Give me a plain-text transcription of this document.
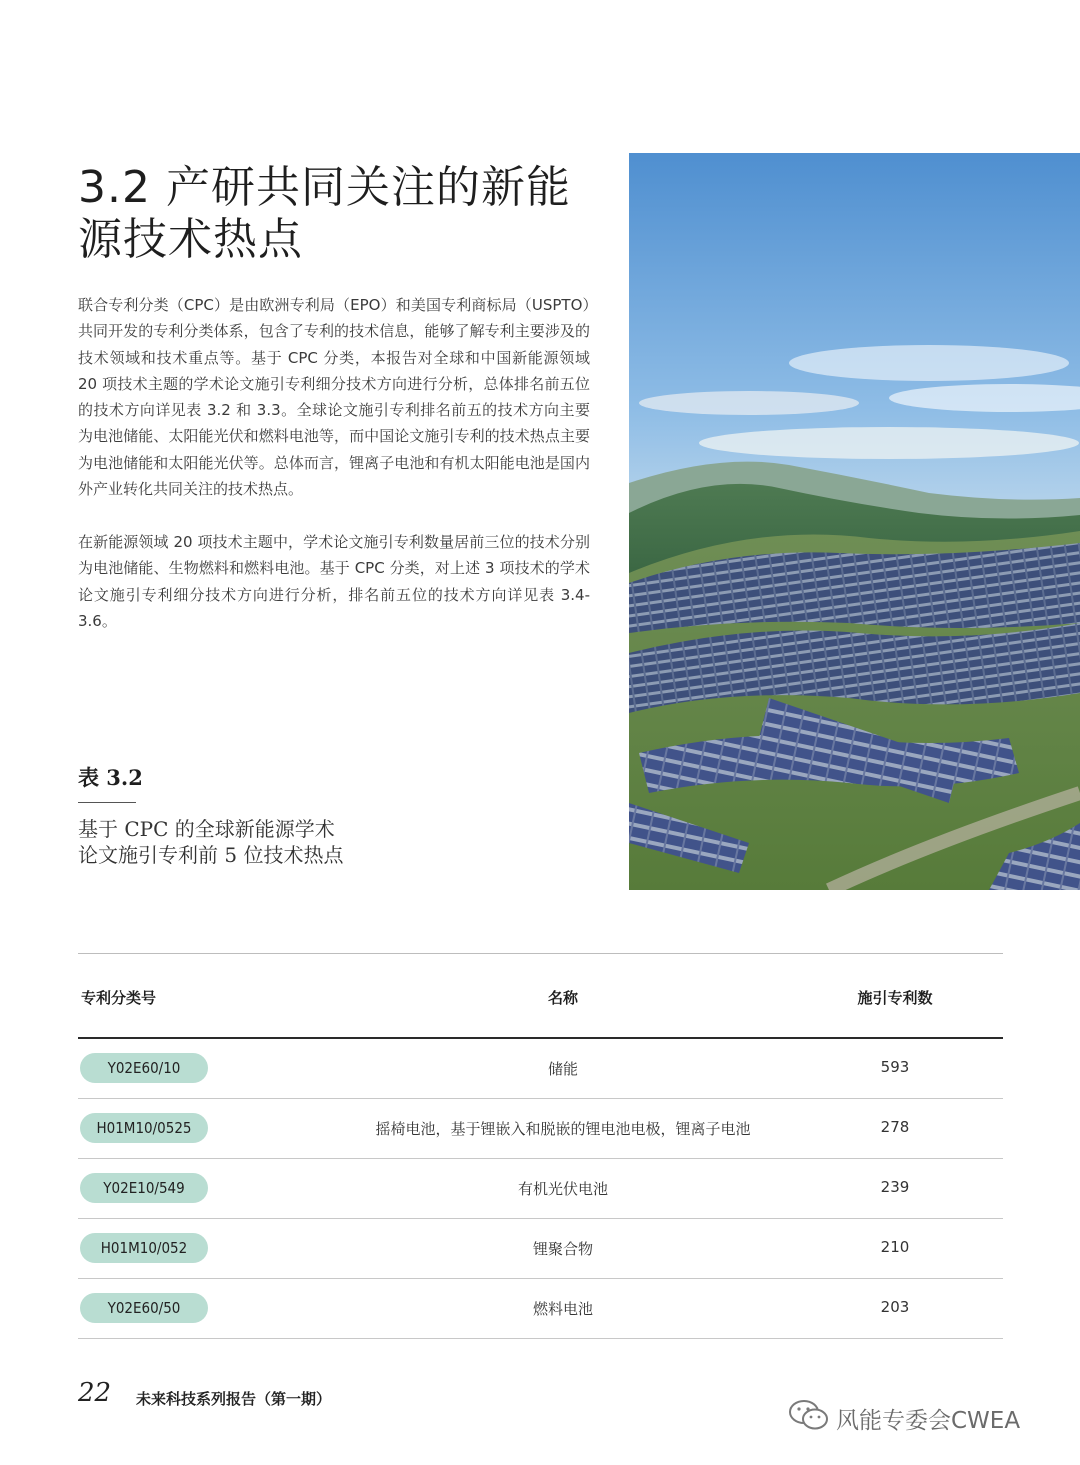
3.2 产研共同关注的新能
源技术热点

联合专利分类（CPC）是由欧洲专利局（EPO）和美国专利商标局（USPTO）共同开发的专利分类体系，包含了专利的技术信息，能够了解专利主要涉及的技术领域和技术重点等。基于 CPC 分类，本报告对全球和中国新能源领域 20 项技术主题的学术论文施引专利细分技术方向进行分析，总体排名前五位的技术方向详见表 3.2 和 3.3。全球论文施引专利排名前五的技术方向主要为电池储能、太阳能光伏和燃料电池等，而中国论文施引专利的技术热点主要为电池储能和太阳能光伏等。总体而言，锂离子电池和有机太阳能电池是国内外产业转化共同关注的技术热点。

在新能源领域 20 项技术主题中，学术论文施引专利数量居前三位的技术分别为电池储能、生物燃料和燃料电池。基于 CPC 分类，对上述 3 项技术的学术论文施引专利细分技术方向进行分析，排名前五位的技术方向详见表 3.4-3.6。

表 3.2
基于 CPC 的全球新能源学术论文施引专利前 5 位技术热点
专利分类号	名称	施引专利数
Y02E60/10	储能	593
H01M10/0525	摇椅电池，基于锂嵌入和脱嵌的锂电池电极，锂离子电池	278
Y02E10/549	有机光伏电池	239
H01M10/052	锂聚合物	210
Y02E60/50	燃料电池	203
22 未来科技系列报告（第一期）
风能专委会CWEA
